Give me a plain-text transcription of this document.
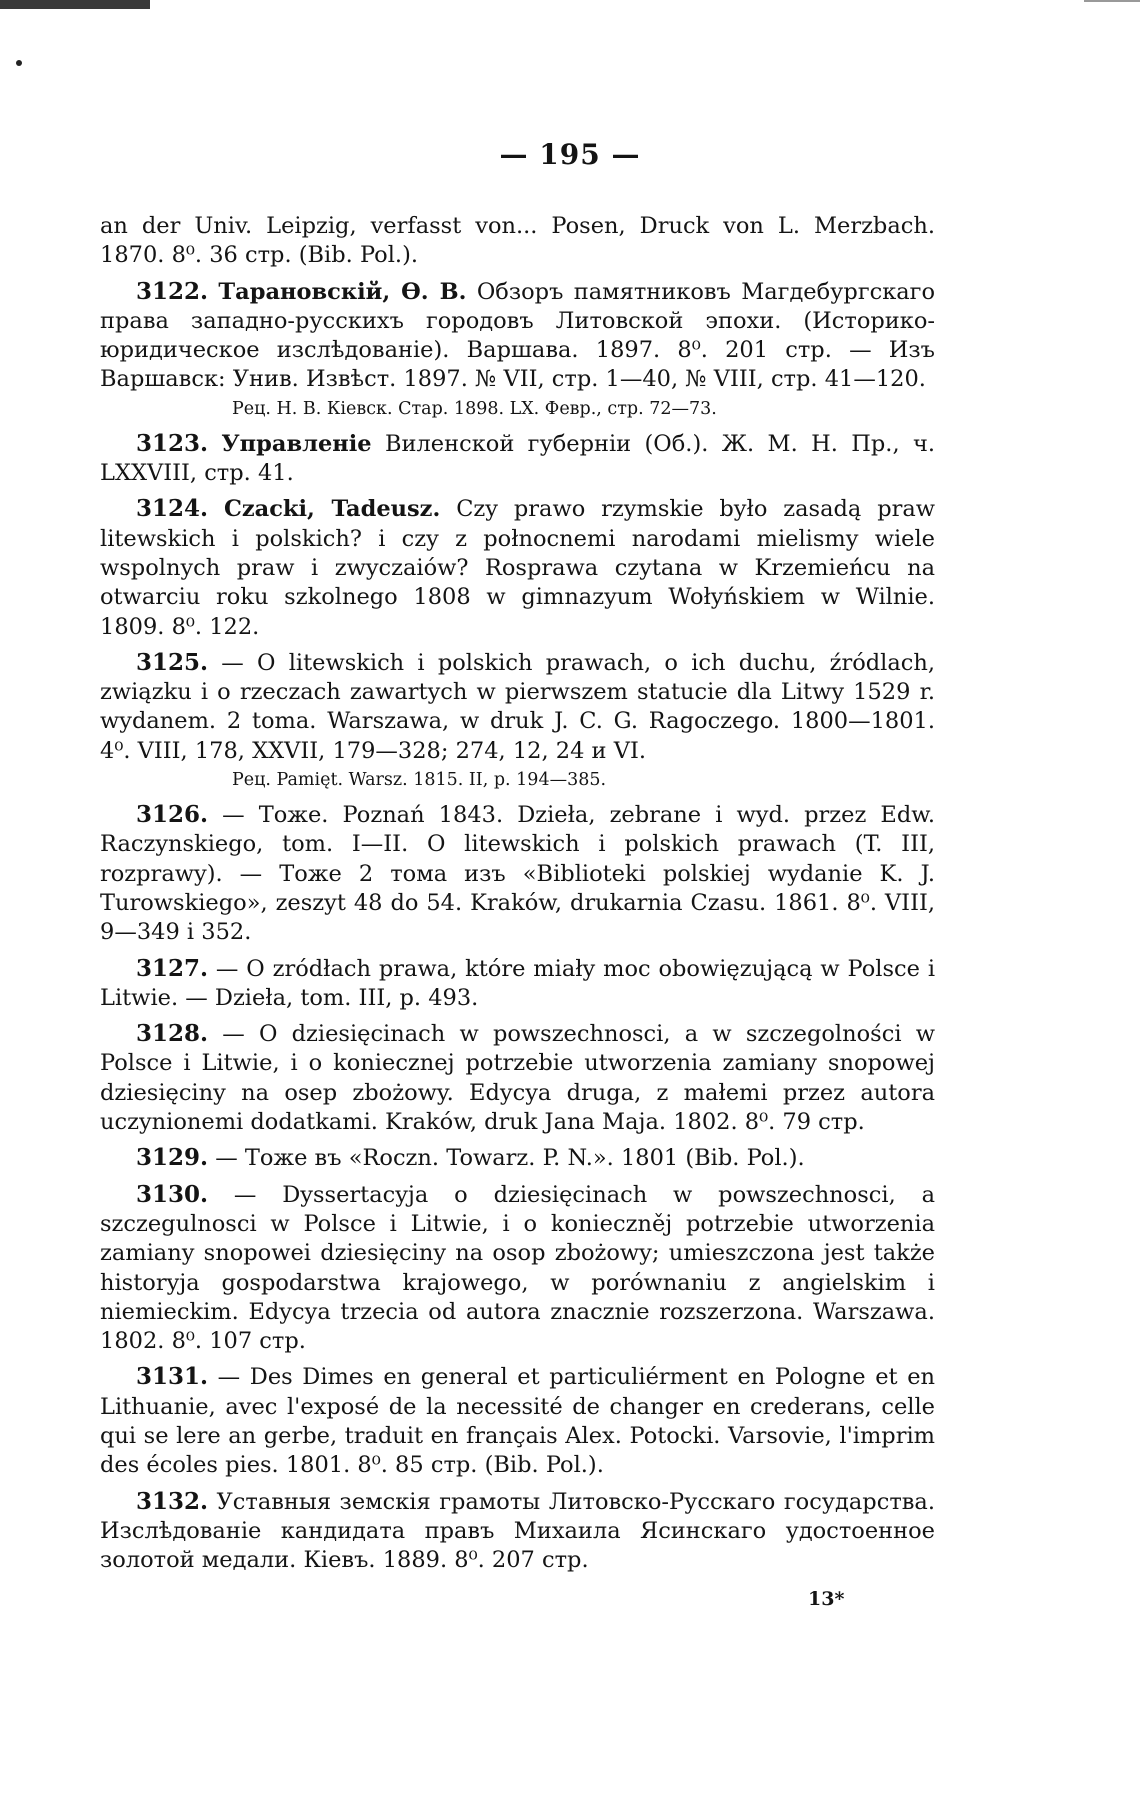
— 195 —

an der Univ. Leipzig, verfasst von... Posen, Druck von L. Merzbach. 1870. 8⁰. 36 стр. (Bib. Pol.).

3122. Тарановскій, Ө. В. Обзоръ памятниковъ Магдебургскаго права западно-русскихъ городовъ Литовской эпохи. (Историко-юридическое изслѣдованіе). Варшава. 1897. 8⁰. 201 стр. — Изъ Варшавск: Унив. Извѣст. 1897. № VII, стр. 1—40, № VIII, стр. 41—120.

Рец. Н. В. Кіевск. Стар. 1898. LX. Февр., стр. 72—73.

3123. Управленіе Виленской губерніи (Об.). Ж. М. Н. Пр., ч. LXXVIII, стр. 41.

3124. Czacki, Tadeusz. Czy prawo rzymskie było zasadą praw litewskich i polskich? i czy z połnocnemi narodami mielismy wiele wspolnych praw i zwyczaiów? Rosprawa czytana w Krzemieńcu na otwarciu roku szkolnego 1808 w gimnazyum Wołyńskiem w Wilnie. 1809. 8⁰. 122.

3125. — O litewskich i polskich prawach, o ich duchu, źródlach, związku i o rzeczach zawartych w pierwszem statucie dla Litwy 1529 r. wydanem. 2 toma. Warszawa, w druk J. C. G. Ragoczego. 1800—1801. 4⁰. VIII, 178, XXVII, 179—328; 274, 12, 24 и VI.

Рец. Pamięt. Warsz. 1815. II, p. 194—385.

3126. — Тоже. Poznań 1843. Dzieła, zebrane i wyd. przez Edw. Raczynskiego, tom. I—II. O litewskich i polskich prawach (T. III, rozprawy). — Тоже 2 тома изъ «Biblioteki polskiej wydanie K. J. Turowskiego», zeszyt 48 do 54. Kraków, drukarnia Czasu. 1861. 8⁰. VIII, 9—349 i 352.

3127. — O zródłach prawa, które miały moc obowięzującą w Polsce i Litwie. — Dzieła, tom. III, p. 493.

3128. — O dziesięcinach w powszechnosci, a w szczegolności w Polsce i Litwie, i o koniecznej potrzebie utworzenia zamiany snopowej dziesięciny na osep zbożowy. Edycya druga, z małemi przez autora uczynionemi dodatkami. Kraków, druk Jana Maja. 1802. 8⁰. 79 стр.

3129. — Тоже въ «Roczn. Towarz. P. N.». 1801 (Bib. Pol.).

3130. — Dyssertacyja o dziesięcinach w powszechnosci, a szczegulnosci w Polsce i Litwie, i o konieczněj potrzebie utworzenia zamiany snopowei dziesięciny na osop zbożowy; umieszczona jest także historyja gospodarstwa krajowego, w porównaniu z angielskim i niemieckim. Edycya trzecia od autora znacznie rozszerzona. Warszawa. 1802. 8⁰. 107 стр.

3131. — Des Dimes en general et particuliérment en Pologne et en Lithuanie, avec l'exposé de la necessité de changer en crederans, celle qui se lere an gerbe, traduit en français Alex. Potocki. Varsovie, l'imprim des écoles pies. 1801. 8⁰. 85 стр. (Bib. Pol.).

3132. Уставныя земскія грамоты Литовско-Русскаго государства. Изслѣдованіе кандидата правъ Михаила Ясинскаго удостоенное золотой медали. Кіевъ. 1889. 8⁰. 207 стр.

13*
